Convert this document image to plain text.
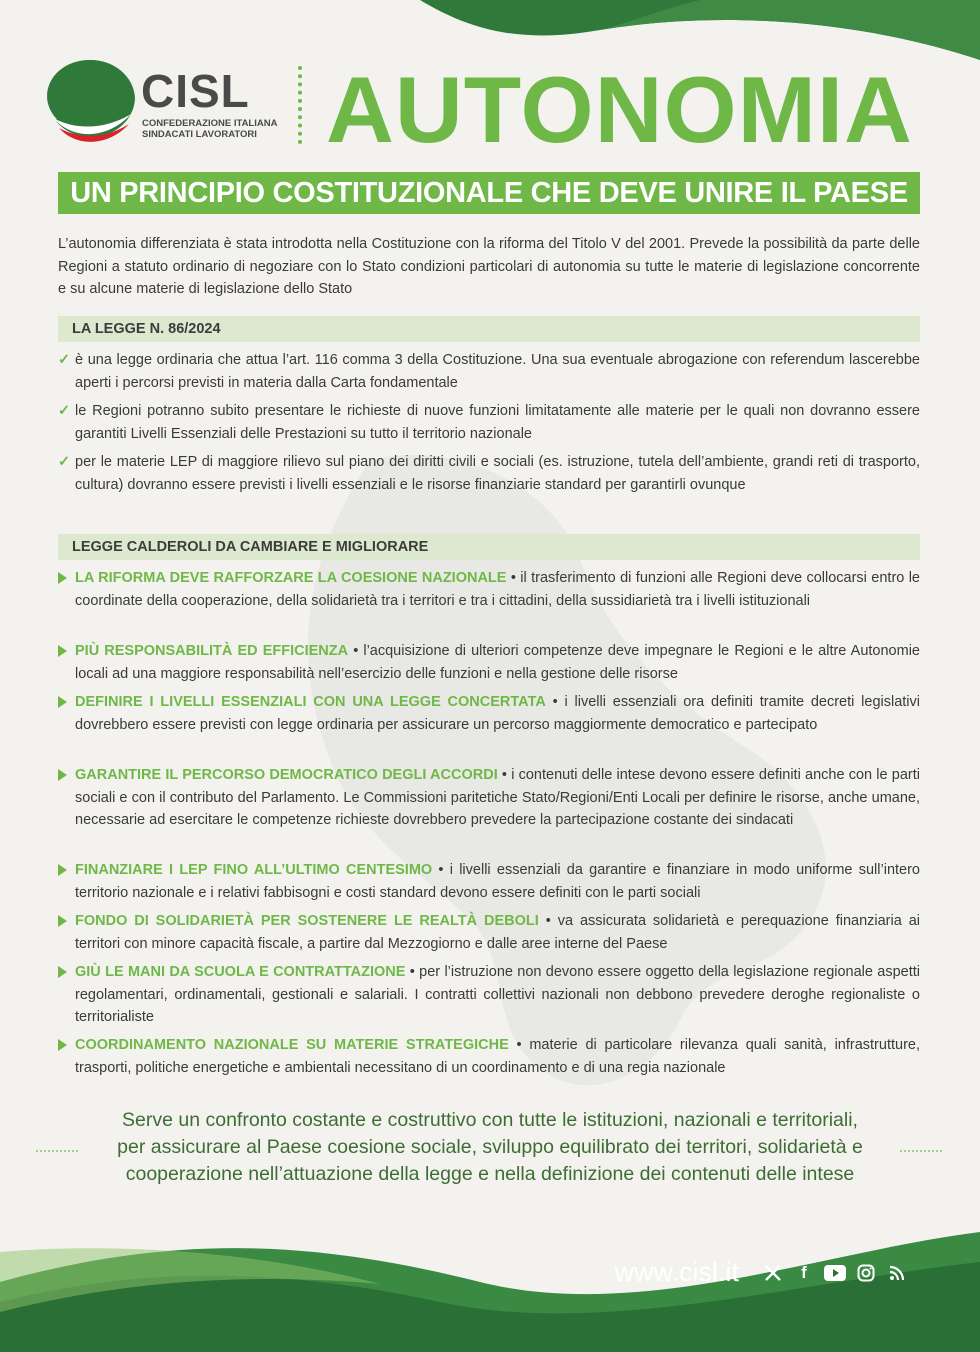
CISL
CONFEDERAZIONE ITALIANA
SINDACATI LAVORATORI AUTONOMIA
UN PRINCIPIO COSTITUZIONALE CHE DEVE UNIRE IL PAESE
L’autonomia differenziata è stata introdotta nella Costituzione con la riforma del Titolo V del 2001. Prevede la possibilità da parte delle Regioni a statuto ordinario di negoziare con lo Stato condizioni particolari di autonomia su tutte le materie di legislazione concorrente e su alcune materie di legislazione dello Stato
LA LEGGE N. 86/2024
✓ è una legge ordinaria che attua l’art. 116 comma 3 della Costituzione. Una sua eventuale abrogazione con referendum lascerebbe aperti i percorsi previsti in materia dalla Carta fondamentale
✓ le Regioni potranno subito presentare le richieste di nuove funzioni limitatamente alle materie per le quali non dovranno essere garantiti Livelli Essenziali delle Prestazioni su tutto il territorio nazionale
✓ per le materie LEP di maggiore rilievo sul piano dei diritti civili e sociali (es. istruzione, tutela dell’ambiente, grandi reti di trasporto, cultura) dovranno essere previsti i livelli essenziali e le risorse finanziarie standard per garantirli ovunque
LEGGE CALDEROLI DA CAMBIARE E MIGLIORARE
LA RIFORMA DEVE RAFFORZARE LA COESIONE NAZIONALE • il trasferimento di funzioni alle Regioni deve collocarsi entro le coordinate della cooperazione, della solidarietà tra i territori e tra i cittadini, della sussidiarietà tra i livelli istituzionali
PIÙ RESPONSABILITÀ ED EFFICIENZA • l’acquisizione di ulteriori competenze deve impegnare le Regioni e le altre Autonomie locali ad una maggiore responsabilità nell’esercizio delle funzioni e nella gestione delle risorse
DEFINIRE I LIVELLI ESSENZIALI CON UNA LEGGE CONCERTATA • i livelli essenziali ora definiti tramite decreti legislativi dovrebbero essere previsti con legge ordinaria per assicurare un percorso maggiormente democratico e partecipato
GARANTIRE IL PERCORSO DEMOCRATICO DEGLI ACCORDI • i contenuti delle intese devono essere definiti anche con le parti sociali e con il contributo del Parlamento. Le Commissioni paritetiche Stato/Regioni/Enti Locali per definire le risorse, anche umane, necessarie ad esercitare le competenze richieste dovrebbero prevedere la partecipazione costante dei sindacati
FINANZIARE I LEP FINO ALL’ULTIMO CENTESIMO • i livelli essenziali da garantire e finanziare in modo uniforme sull’intero territorio nazionale e i relativi fabbisogni e costi standard devono essere definiti con le parti sociali
FONDO DI SOLIDARIETÀ PER SOSTENERE LE REALTÀ DEBOLI • va assicurata solidarietà e perequazione finanziaria ai territori con minore capacità fiscale, a partire dal Mezzogiorno e dalle aree interne del Paese
GIÙ LE MANI DA SCUOLA E CONTRATTAZIONE • per l’istruzione non devono essere oggetto della legislazione regionale aspetti regolamentari, ordinamentali, gestionali e salariali. I contratti collettivi nazionali non debbono prevedere deroghe regionaliste o territorialiste
COORDINAMENTO NAZIONALE SU MATERIE STRATEGICHE • materie di particolare rilevanza quali sanità, infrastrutture, trasporti, politiche energetiche e ambientali necessitano di un coordinamento e di una regia nazionale
Serve un confronto costante e costruttivo con tutte le istituzioni, nazionali e territoriali,
per assicurare al Paese coesione sociale, sviluppo equilibrato dei territori, solidarietà e
cooperazione nell’attuazione della legge e nella definizione dei contenuti delle intese
www.cisl.it	f
